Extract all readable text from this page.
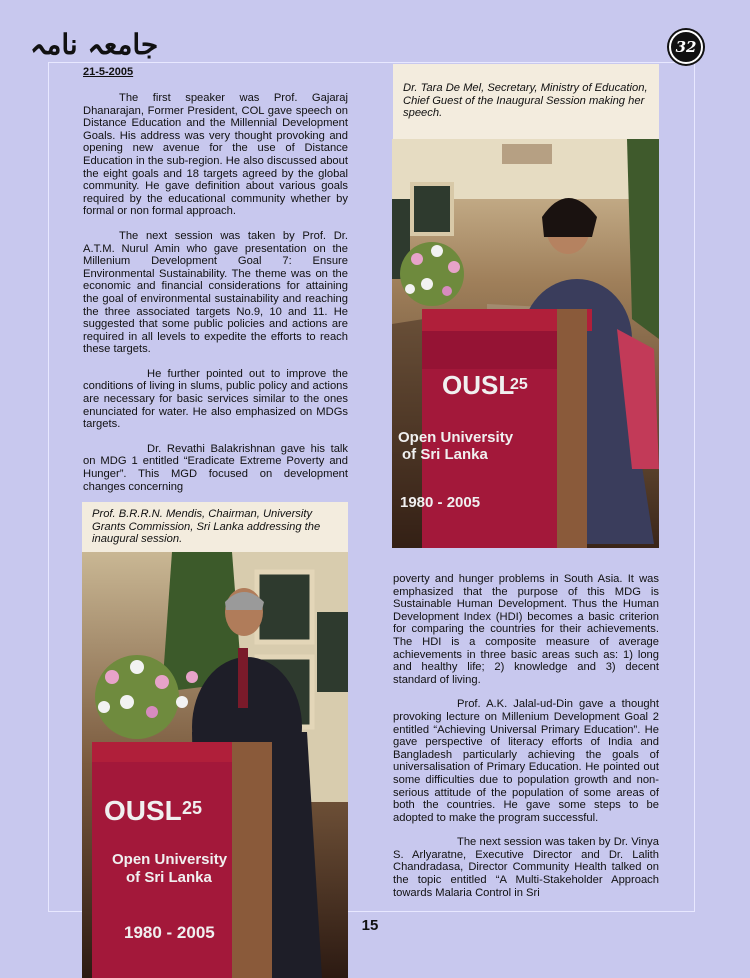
جامعہ نامہ	32
21-5-2005

The first speaker was Prof. Gajaraj Dhanarajan, Former President, COL gave speech on Distance Education and the Millennial Development Goals. His address was very thought provoking and opening new avenue for the use of Distance Education in the sub-region. He also discussed about the eight goals and 18 targets agreed by the global community. He gave definition about various goals required by the educational community whether by formal or non formal approach.

The next session was taken by Prof. Dr. A.T.M. Nurul Amin who gave presentation on the Millenium Development Goal 7: Ensure Environmental Sustainability. The theme was on the economic and financial considerations for attaining the goal of environmental sustainability and reaching the three associated targets No.9, 10 and 11. He suggested that some public policies and actions are required in all levels to expedite the efforts to reach these targets.

He further pointed out to improve the conditions of living in slums, public policy and actions are necessary for basic services similar to the ones enunciated for water. He also emphasized on MDGs targets.

Dr. Revathi Balakrishnan gave his talk on MDG 1 entitled “Eradicate Extreme Poverty and Hunger”. This MGD focused on development changes concerning

Dr. Tara De Mel, Secretary, Ministry of Education, Chief Guest of the Inaugural Session making her speech.
OUSL
25
Open University
of Sri Lanka
1980 - 2005
Prof. B.R.R.N. Mendis, Chairman, University Grants Commission, Sri Lanka addressing the inaugural session.
OUSL 25
Open University
of Sri Lanka
1980 - 2005

poverty and hunger problems in South Asia. It was emphasized that the purpose of this MDG is Sustainable Human Development. Thus the Human Development Index (HDI) becomes a basic criterion for comparing the countries for their achievements. The HDI is a composite measure of average achievements in three basic areas such as: 1) long and healthy life; 2) knowledge and 3) decent standard of living.

Prof. A.K. Jalal-ud-Din gave a thought provoking lecture on Millenium Development Goal 2 entitled “Achieving Universal Primary Education”. He gave perspective of literacy efforts of India and Bangladesh particularly achieving the goals of universalisation of Primary Education. He pointed out some difficulties due to population growth and non-serious attitude of the population of some areas of both the countries. He gave some steps to be adopted to make the program successful.

The next session was taken by Dr. Vinya S. Arlyaratne, Executive Director and Dr. Lalith Chandradasa, Director Community Health talked on the topic entitled “A Multi-Stakeholder Approach towards Malaria Control in Sri

15
